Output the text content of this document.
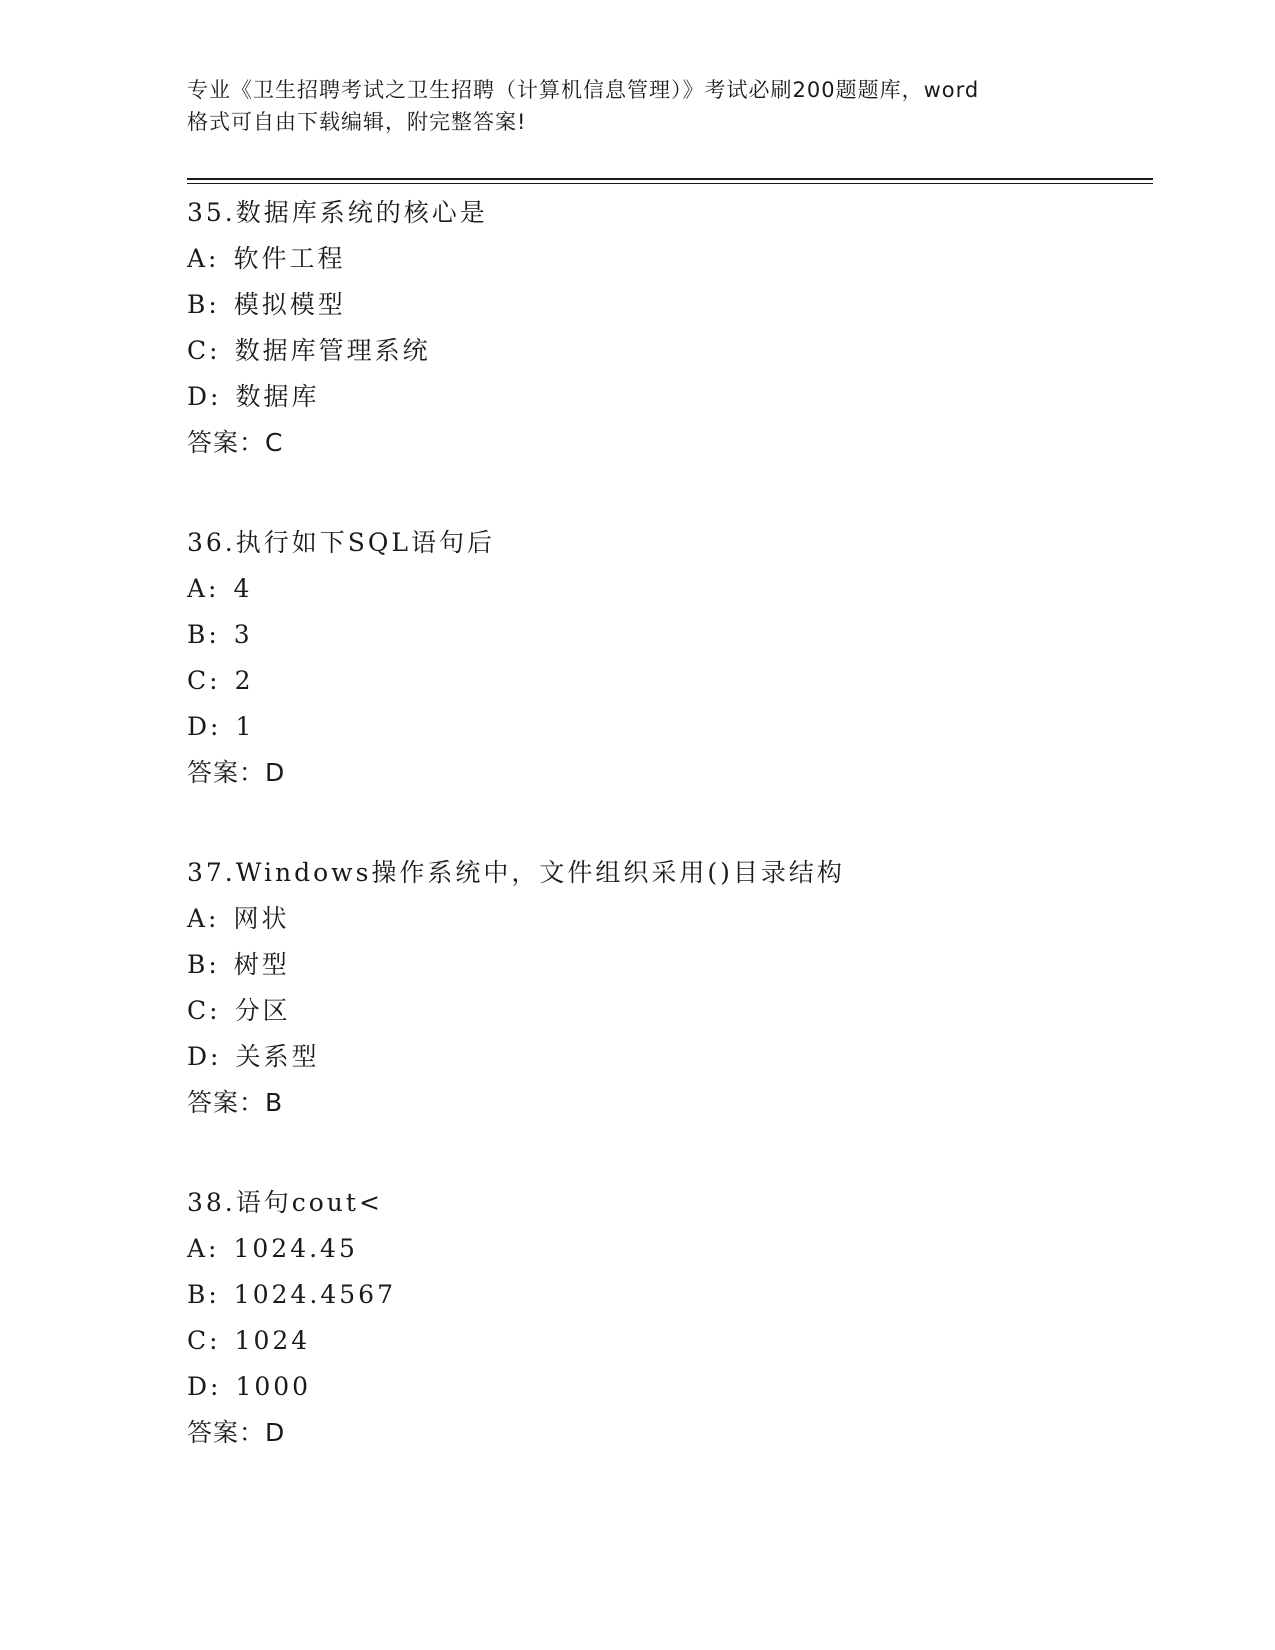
专业《卫生招聘考试之卫生招聘（计算机信息管理）》考试必刷200题题库，word
格式可自由下载编辑，附完整答案!
35.数据库系统的核心是
A: 软件工程
B: 模拟模型
C: 数据库管理系统
D: 数据库
答案：C
36.执行如下SQL语句后
A: 4
B: 3
C: 2
D: 1
答案：D
37.Windows操作系统中，文件组织采用()目录结构
A: 网状
B: 树型
C: 分区
D: 关系型
答案：B
38.语句cout<
A: 1024.45
B: 1024.4567
C: 1024
D: 1000
答案：D
